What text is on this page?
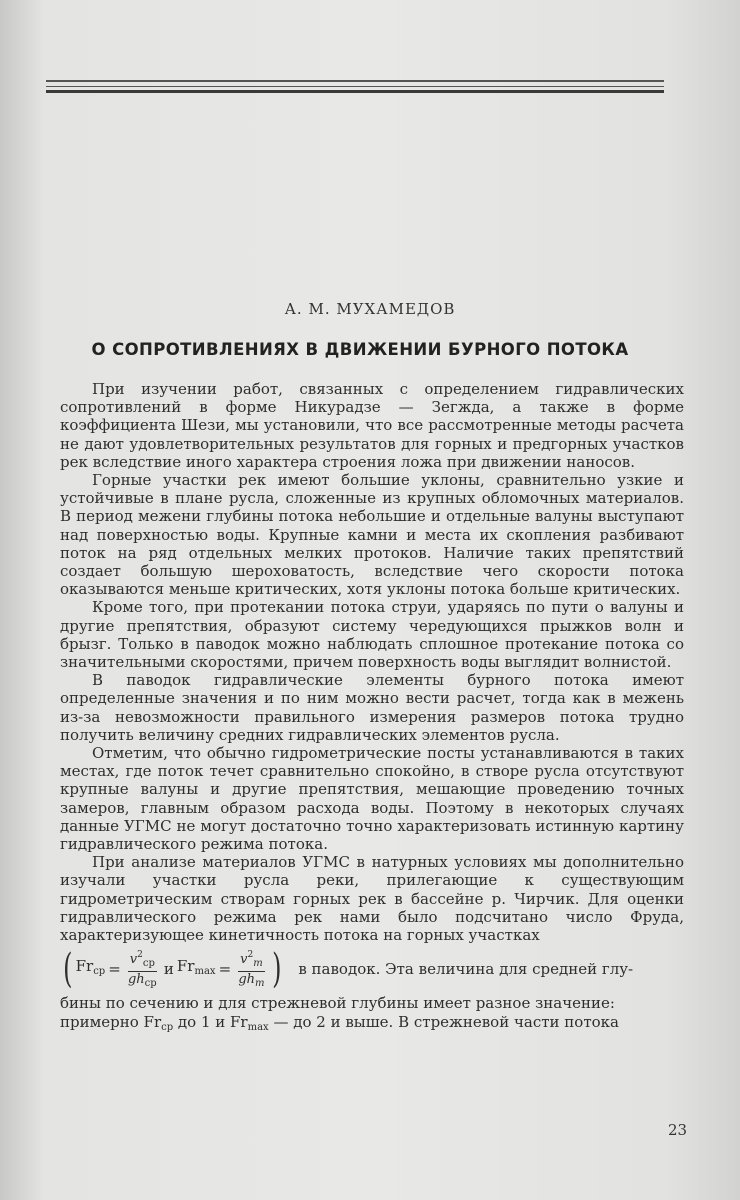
А. М. МУХАМЕДОВ
О СОПРОТИВЛЕНИЯХ В ДВИЖЕНИИ БУРНОГО ПОТОКА

При изучении работ, связанных с определением гидравлических сопротивлений в форме Никурадзе — Зегжда, а также в форме коэффициента Шези, мы установили, что все рассмотренные методы расчета не дают удовлетворительных результатов для горных и предгорных участков рек вследствие иного характера строения ложа при движении наносов.

Горные участки рек имеют большие уклоны, сравнительно узкие и устойчивые в плане русла, сложенные из крупных обломочных материалов. В период межени глубины потока небольшие и отдельные валуны выступают над поверхностью воды. Крупные камни и места их скопления разбивают поток на ряд отдельных мелких протоков. Наличие таких препятствий создает большую шероховатость, вследствие чего скорости потока оказываются меньше критических, хотя уклоны потока больше критических.

Кроме того, при протекании потока струи, ударяясь по пути о валуны и другие препятствия, образуют систему чередующихся прыжков волн и брызг. Только в паводок можно наблюдать сплошное протекание потока со значительными скоростями, причем поверхность воды выглядит волнистой.

В паводок гидравлические элементы бурного потока имеют определенные значения и по ним можно вести расчет, тогда как в межень из-за невозможности правильного измерения размеров потока трудно получить величину средних гидравлических элементов русла.

Отметим, что обычно гидрометрические посты устанавливаются в таких местах, где поток течет сравнительно спокойно, в створе русла отсутствуют крупные валуны и другие препятствия, мешающие проведению точных замеров, главным образом расхода воды. Поэтому в некоторых случаях данные УГМС не могут достаточно точно характеризовать истинную картину гидравлического режима потока.

При анализе материалов УГМС в натурных условиях мы дополнительно изучали участки русла реки, прилегающие к существующим гидрометрическим створам горных рек в бассейне р. Чирчик. Для оценки гидравлического режима рек нами было подсчитано число Фруда, характеризующее кинетичность потока на горных участках

( $Fr_{ср} = \frac{v^2_{ср}}{gh_{ср}}$ и $Fr_{max} = \frac{v^2_m}{gh_m}$ ) в паводок. Эта величина для средней глу-
бины по сечению и для стрежневой глубины имеет разное значение:
примерно $Fr_{ср}$ до 1 и $Fr_{max}$ — до 2 и выше. В стрежневой части потока
23
